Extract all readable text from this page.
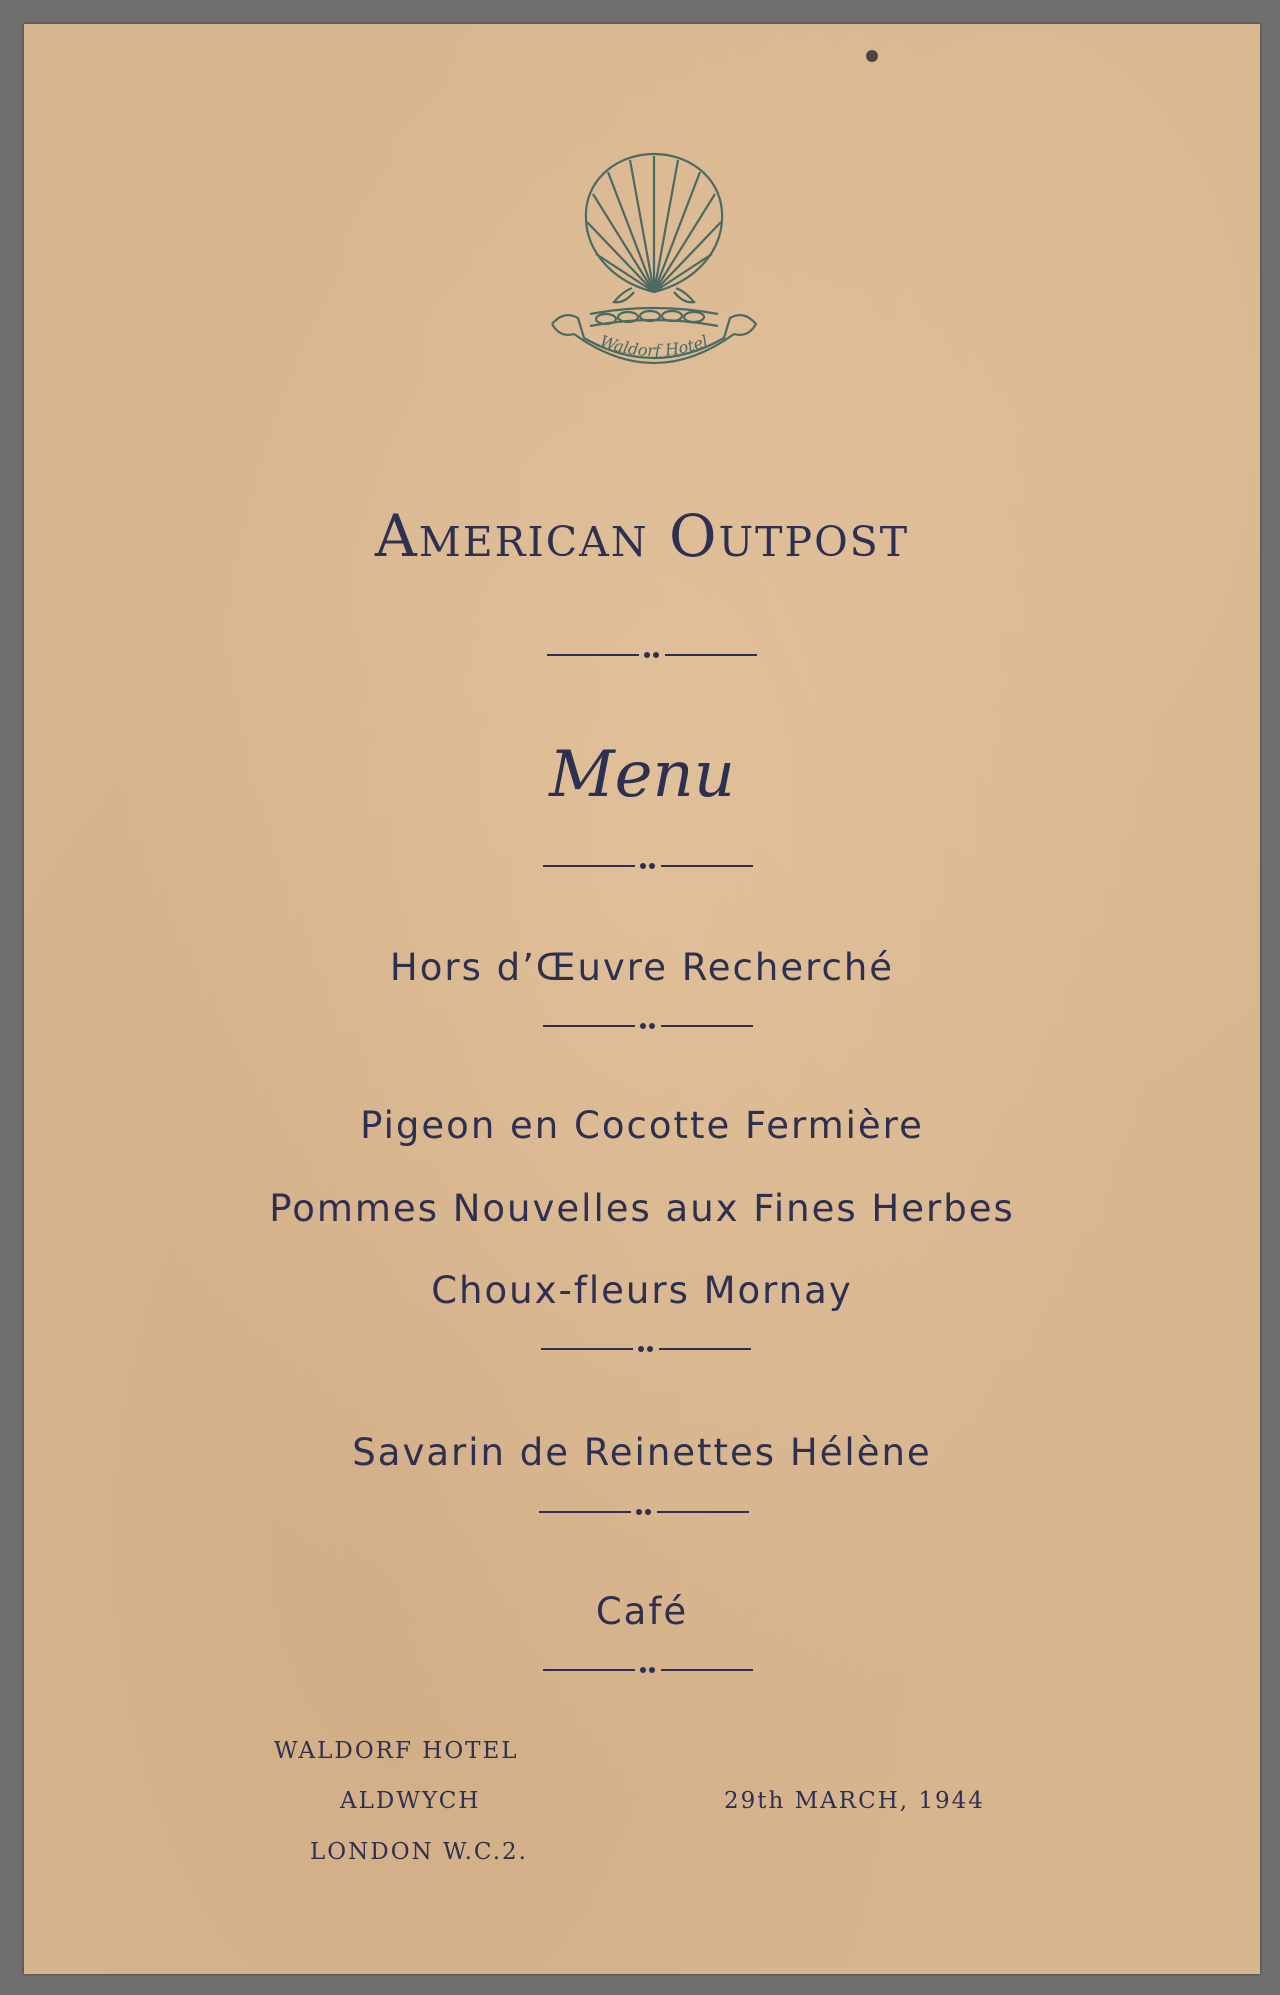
Waldorf Hotel
American Outpost
Menu
Hors d’Œuvre Recherché
Pigeon en Cocotte Fermière
Pommes Nouvelles aux Fines Herbes
Choux-fleurs Mornay
Savarin de Reinettes Hélène
Café
WALDORF HOTEL
ALDWYCH
LONDON W.C.2.
29th MARCH, 1944
